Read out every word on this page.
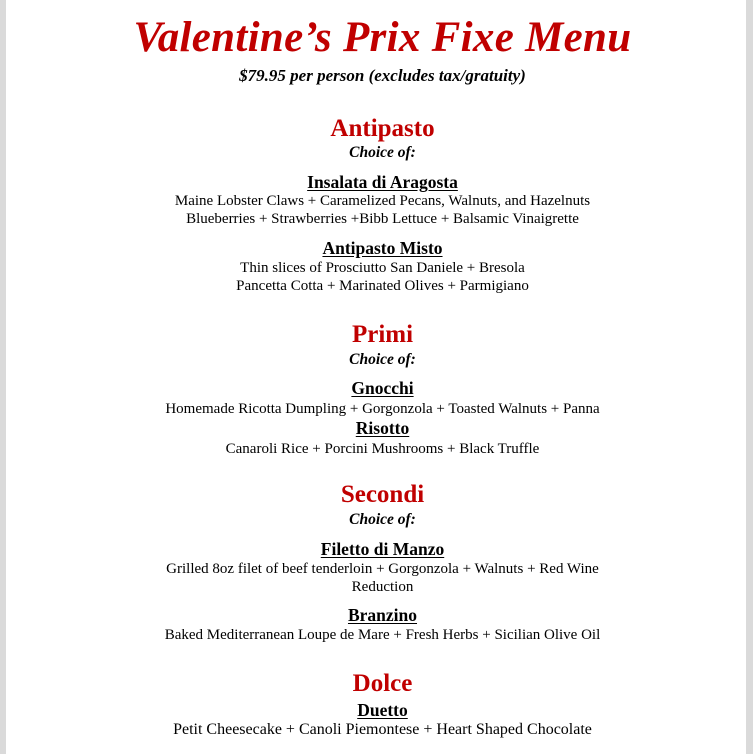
Valentine’s Prix Fixe Menu
$79.95 per person (excludes tax/gratuity)
Antipasto
Choice of:
Insalata di Aragosta
Maine Lobster Claws + Caramelized Pecans, Walnuts, and Hazelnuts
Blueberries + Strawberries +Bibb Lettuce + Balsamic Vinaigrette
Antipasto Misto
Thin slices of Prosciutto San Daniele + Bresola
Pancetta Cotta + Marinated Olives + Parmigiano
Primi
Choice of:
Gnocchi
Homemade Ricotta Dumpling + Gorgonzola + Toasted Walnuts + Panna
Risotto
Canaroli Rice + Porcini Mushrooms + Black Truffle
Secondi
Choice of:
Filetto di Manzo
Grilled 8oz filet of beef tenderloin + Gorgonzola + Walnuts + Red Wine
Reduction
Branzino
Baked Mediterranean Loupe de Mare + Fresh Herbs + Sicilian Olive Oil
Dolce
Duetto
Petit Cheesecake + Canoli Piemontese + Heart Shaped Chocolate
